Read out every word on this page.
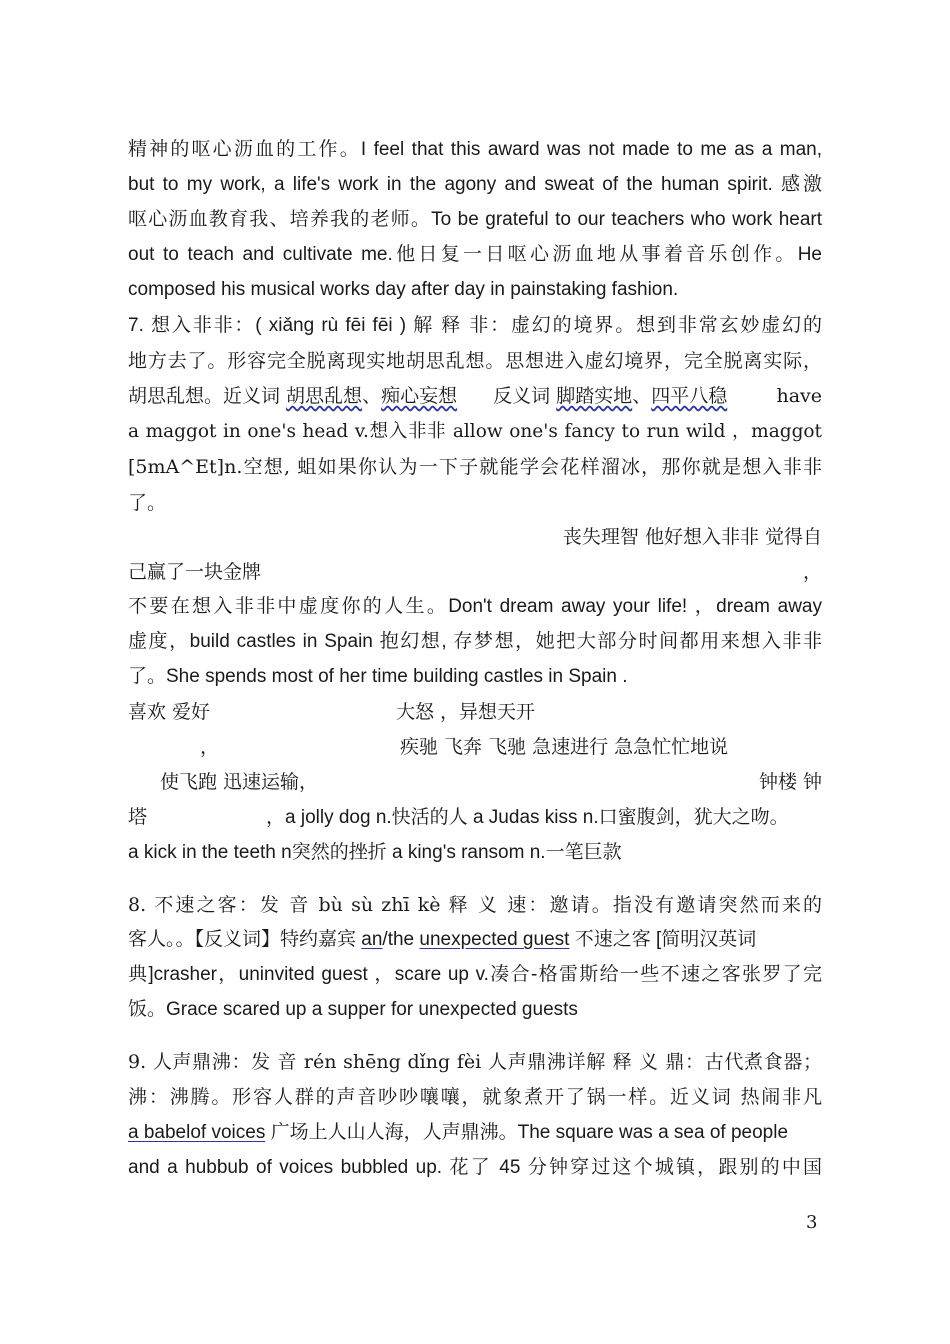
精神的呕心沥血的工作。I feel that this award was not made to me as a man,
but to my work, a life's work in the agony and sweat of the human spirit. 感激
呕心沥血教育我、培养我的老师。To be grateful to our teachers who work heart
out to teach and cultivate me.他日复一日呕心沥血地从事着音乐创作。He
composed his musical works day after day in painstaking fashion.
7. 想入非非：( xiǎng rù fēi fēi ) 解 释 非：虚幻的境界。想到非常玄妙虚幻的
地方去了。形容完全脱离现实地胡思乱想。思想进入虚幻境界，完全脱离实际，
胡思乱想。近义词 胡思乱想、痴心妄想 反义词 脚踏实地、四平八稳	have
a maggot in one's head v.想入非非 allow one's fancy to run wild ，maggot
[5mA^Et]n.空想, 蛆如果你认为一下子就能学会花样溜冰，那你就是想入非非
了。
丧失理智 他好想入非非 觉得自
己赢了一块金牌	，
不要在想入非非中虚度你的人生。Don't dream away your life! ，dream away
虚度，build castles in Spain 抱幻想, 存梦想，她把大部分时间都用来想入非非
了。She spends most of her time building castles in Spain .
喜欢 爱好	大怒 ，异想天开
，	疾驰 飞奔 飞驰 急速进行 急急忙忙地说
使飞跑 迅速运输，	钟楼 钟
塔	，a jolly dog n.快活的人 a Judas kiss n.口蜜腹剑，犹大之吻。
a kick in the teeth n突然的挫折 a king's ransom n.一笔巨款
8. 不速之客：发 音 bù sù zhī kè 释 义 速：邀请。指没有邀请突然而来的
客人。。【反义词】特约嘉宾 an/the unexpected guest 不速之客 [简明汉英词
典]crasher，uninvited guest ，scare up v.凑合-格雷斯给一些不速之客张罗了完
饭。Grace scared up a supper for unexpected guests
9. 人声鼎沸：发 音 rén shēng dǐng fèi 人声鼎沸详解 释 义 鼎：古代煮食器；
沸：沸腾。形容人群的声音吵吵嚷嚷，就象煮开了锅一样。近义词 热闹非凡
a babelof voices 广场上人山人海，人声鼎沸。The square was a sea of people
and a hubbub of voices bubbled up. 花了 45 分钟穿过这个城镇，跟别的中国
3
